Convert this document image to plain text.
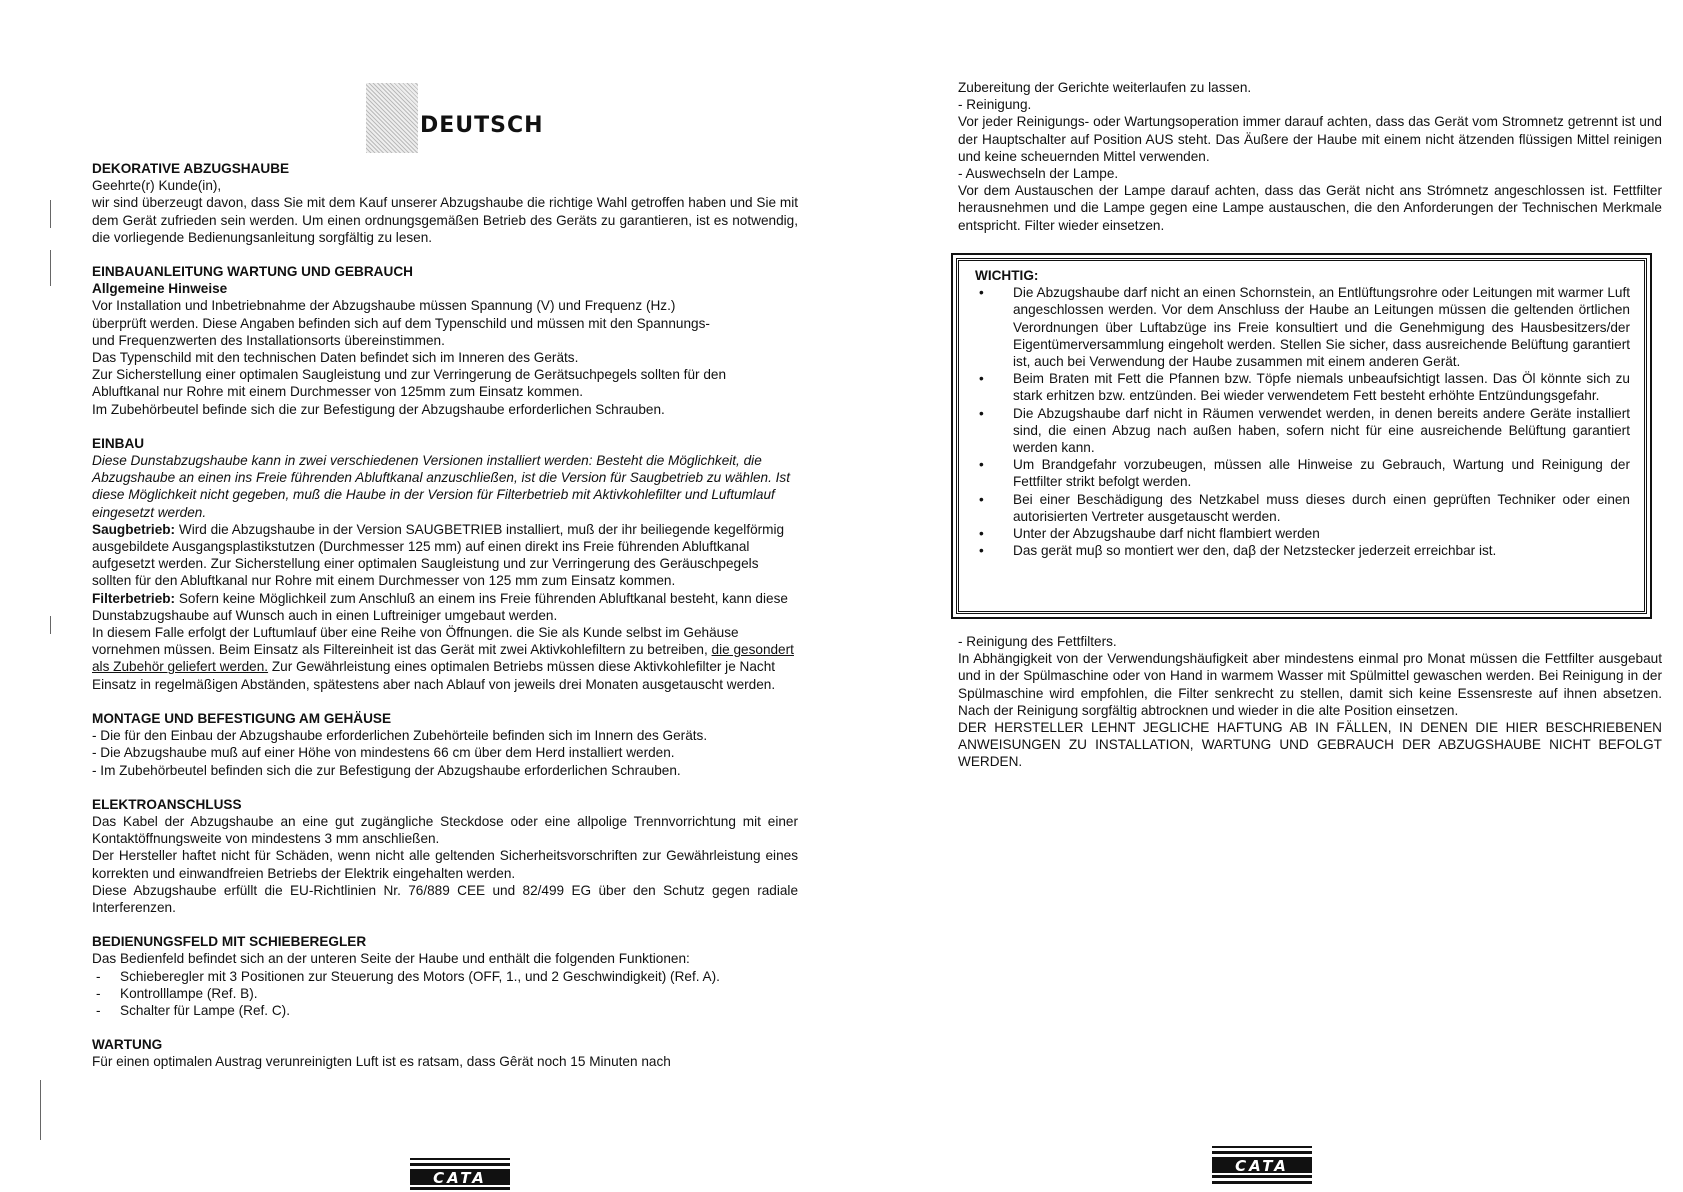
DEUTSCH
DEKORATIVE ABZUGSHAUBE

Geehrte(r) Kunde(in),

wir sind überzeugt davon, dass Sie mit dem Kauf unserer Abzugshaube die richtige Wahl getroffen haben und Sie mit dem Gerät zufrieden sein werden. Um einen ordnungsgemäßen Betrieb des Geräts zu garantieren, ist es notwendig, die vorliegende Bedienungsanleitung sorgfältig zu lesen.

EINBAUANLEITUNG WARTUNG UND GEBRAUCH

Allgemeine Hinweise

Vor Installation und Inbetriebnahme der Abzugshaube müssen Spannung (V) und Frequenz (Hz.)

überprüft werden. Diese Angaben befinden sich auf dem Typenschild und müssen mit den Spannungs-

und Frequenzwerten des Installationsorts übereinstimmen.

Das Typenschild mit den technischen Daten befindet sich im Inneren des Geräts.

Zur Sicherstellung einer optimalen Saugleistung und zur Verringerung de Gerätsuchpegels sollten für den

Abluftkanal nur Rohre mit einem Durchmesser von 125mm zum Einsatz kommen.

Im Zubehörbeutel befinde sich die zur Befestigung der Abzugshaube erforderlichen Schrauben.

EINBAU

Diese Dunstabzugshaube kann in zwei verschiedenen Versionen installiert werden: Besteht die Möglichkeit, die Abzugshaube an einen ins Freie führenden Abluftkanal anzuschließen, ist die Version für Saugbetrieb zu wählen. Ist diese Möglichkeit nicht gegeben, muß die Haube in der Version für Filterbetrieb mit Aktivkohlefilter und Luftumlauf eingesetzt werden.

Saugbetrieb: Wird die Abzugshaube in der Version SAUGBETRIEB installiert, muß der ihr beiliegende kegelförmig ausgebildete Ausgangsplastikstutzen (Durchmesser 125 mm) auf einen direkt ins Freie führenden Abluftkanal aufgesetzt werden. Zur Sicherstellung einer optimalen Saugleistung und zur Verringerung des Geräuschpegels sollten für den Abluftkanal nur Rohre mit einem Durchmesser von 125 mm zum Einsatz kommen.

Filterbetrieb: Sofern keine Möglichkeil zum Anschluß an einem ins Freie führenden Abluftkanal besteht, kann diese Dunstabzugshaube auf Wunsch auch in einen Luftreiniger umgebaut werden.

In diesem Falle erfolgt der Luftumlauf über eine Reihe von Öffnungen. die Sie als Kunde selbst im Gehäuse vornehmen müssen. Beim Einsatz als Filtereinheit ist das Gerät mit zwei Aktivkohlefiltern zu betreiben, die gesondert als Zubehör geliefert werden. Zur Gewährleistung eines optimalen Betriebs müssen diese Aktivkohlefilter je Nacht Einsatz in regelmäßigen Abständen, spätestens aber nach Ablauf von jeweils drei Monaten ausgetauscht werden.

MONTAGE UND BEFESTIGUNG AM GEHÄUSE

- Die für den Einbau der Abzugshaube erforderlichen Zubehörteile befinden sich im Innern des Geräts.

- Die Abzugshaube muß auf einer Höhe von mindestens 66 cm über dem Herd installiert werden.

- Im Zubehörbeutel befinden sich die zur Befestigung der Abzugshaube erforderlichen Schrauben.

ELEKTROANSCHLUSS

Das Kabel der Abzugshaube an eine gut zugängliche Steckdose oder eine allpolige Trennvorrichtung mit einer Kontaktöffnungsweite von mindestens 3 mm anschließen.

Der Hersteller haftet nicht für Schäden, wenn nicht alle geltenden Sicherheitsvorschriften zur Gewährleistung eines korrekten und einwandfreien Betriebs der Elektrik eingehalten werden.

Diese Abzugshaube erfüllt die EU-Richtlinien Nr. 76/889 CEE und 82/499 EG über den Schutz gegen radiale Interferenzen.

BEDIENUNGSFELD MIT SCHIEBEREGLER

Das Bedienfeld befindet sich an der unteren Seite der Haube und enthält die folgenden Funktionen:

- Schieberegler mit 3 Positionen zur Steuerung des Motors (OFF, 1., und 2 Geschwindigkeit) (Ref. A).
- Kontrolllampe (Ref. B).
- Schalter für Lampe (Ref. C).
WARTUNG

Für einen optimalen Austrag verunreinigten Luft ist es ratsam, dass Gêrät noch 15 Minuten nach

Zubereitung der Gerichte weiterlaufen zu lassen.

- Reinigung.

Vor jeder Reinigungs- oder Wartungsoperation immer darauf achten, dass das Gerät vom Stromnetz getrennt ist und der Hauptschalter auf Position AUS steht. Das Äußere der Haube mit einem nicht ätzenden flüssigen Mittel reinigen und keine scheuernden Mittel verwenden.

- Auswechseln der Lampe.

Vor dem Austauschen der Lampe darauf achten, dass das Gerät nicht ans Strómnetz angeschlossen ist. Fettfilter herausnehmen und die Lampe gegen eine Lampe austauschen, die den Anforderungen der Technischen Merkmale entspricht. Filter wieder einsetzen.

WICHTIG:
• Die Abzugshaube darf nicht an einen Schornstein, an Entlüftungsrohre oder Leitungen mit warmer Luft angeschlossen werden. Vor dem Anschluss der Haube an Leitungen müssen die geltenden örtlichen Verordnungen über Luftabzüge ins Freie konsultiert und die Genehmigung des Hausbesitzers/der Eigentümerversammlung eingeholt werden. Stellen Sie sicher, dass ausreichende Belüftung garantiert ist, auch bei Verwendung der Haube zusammen mit einem anderen Gerät.
• Beim Braten mit Fett die Pfannen bzw. Töpfe niemals unbeaufsichtigt lassen. Das Öl könnte sich zu stark erhitzen bzw. entzünden. Bei wieder verwendetem Fett besteht erhöhte Entzündungsgefahr.
• Die Abzugshaube darf nicht in Räumen verwendet werden, in denen bereits andere Geräte installiert sind, die einen Abzug nach außen haben, sofern nicht für eine ausreichende Belüftung garantiert werden kann.
• Um Brandgefahr vorzubeugen, müssen alle Hinweise zu Gebrauch, Wartung und Reinigung der Fettfilter strikt befolgt werden.
• Bei einer Beschädigung des Netzkabel muss dieses durch einen geprüften Techniker oder einen autorisierten Vertreter ausgetauscht werden.
• Unter der Abzugshaube darf nicht flambiert werden
• Das gerät muβ so montiert wer den, daβ der Netzstecker jederzeit erreichbar ist.

- Reinigung des Fettfilters.

In Abhängigkeit von der Verwendungshäufigkeit aber mindestens einmal pro Monat müssen die Fettfilter ausgebaut und in der Spülmaschine oder von Hand in warmem Wasser mit Spülmittel gewaschen werden. Bei Reinigung in der Spülmaschine wird empfohlen, die Filter senkrecht zu stellen, damit sich keine Essensreste auf ihnen absetzen. Nach der Reinigung sorgfältig abtrocknen und wieder in die alte Position einsetzen.

DER HERSTELLER LEHNT JEGLICHE HAFTUNG AB IN FÄLLEN, IN DENEN DIE HIER BESCHRIEBENEN ANWEISUNGEN ZU INSTALLATION, WARTUNG UND GEBRAUCH DER ABZUGSHAUBE NICHT BEFOLGT WERDEN.

CATA
CATA
